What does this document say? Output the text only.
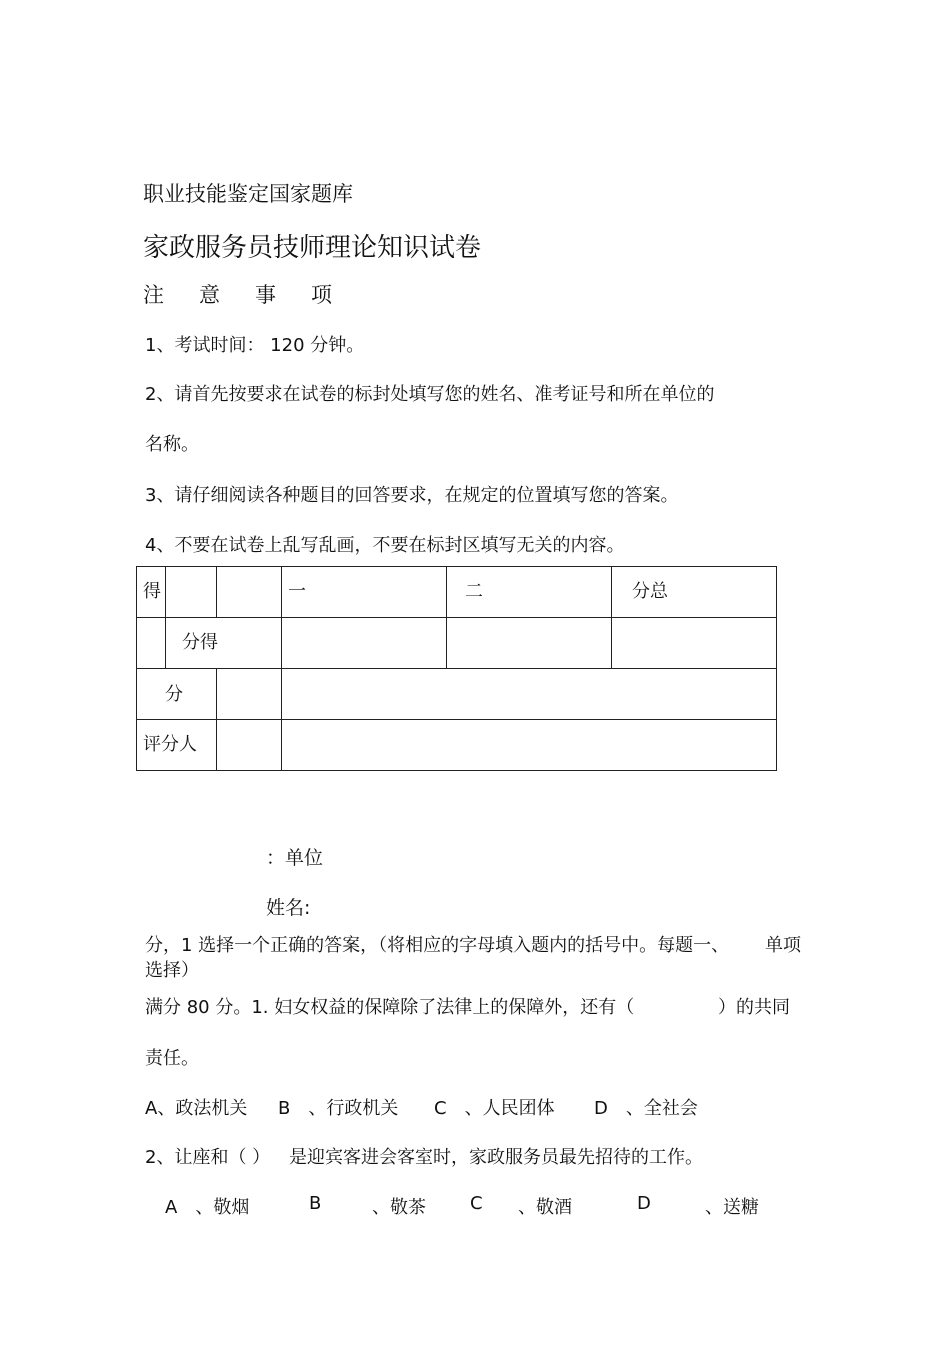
职业技能鉴定国家题库
家政服务员技师理论知识试卷
注意事项
1、考试时间： 120 分钟。
2、请首先按要求在试卷的标封处填写您的姓名、准考证号和所在单位的
名称。
3、请仔细阅读各种题目的回答要求，在规定的位置填写您的答案。
4、不要在试卷上乱写乱画，不要在标封区填写无关的内容。
得			一	二	分总

	分得				

分					

评分人					

：单位
姓名:
分，1 选择一个正确的答案，（将相应的字母填入题内的括号中。每题一、 单项
选择）
满分 80 分。1. 妇女权益的保障除了法律上的保障外，还有（	）的共同
责任。
A、政法机关 B　、行政机关 C　、人民团体 D　、全社会
2、让座和（ ） 是迎宾客进会客室时，家政服务员最先招待的工作。
A　、敬烟	B	、敬茶 C 、敬酒	D	、送糖
